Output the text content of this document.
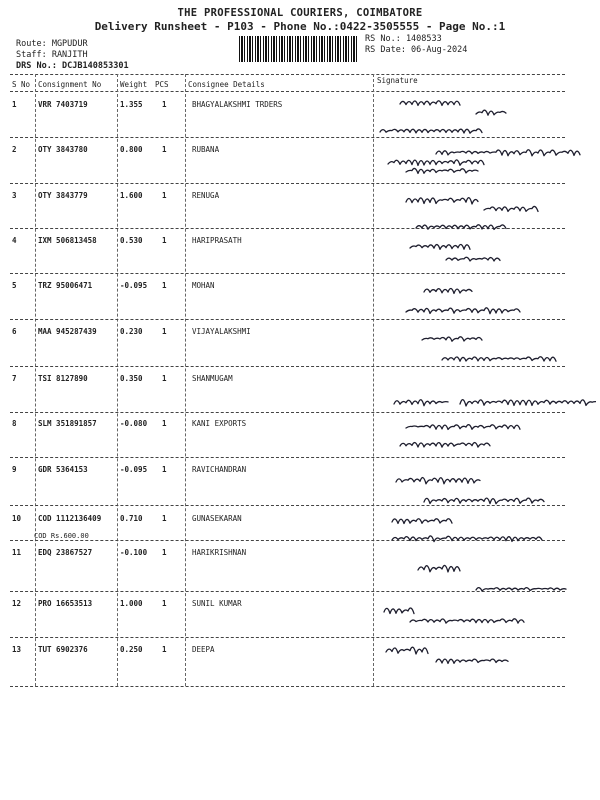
THE PROFESSIONAL COURIERS, COIMBATORE
Delivery Runsheet - P103 - Phone No.:0422-3505555 - Page No.:1
Route: MGPUDUR
Staff: RANJITH
DRS No.: DCJB140853301
RS No.: 1408533
RS Date: 06-Aug-2024
S No Consignment No	Weight PCS	Consignee Details	Signature
1	VRR 7403719	1.355	1	BHAGYALAKSHMI TRDERS
2	OTY 3843780	0.800	1	RUBANA
3	OTY 3843779	1.600	1	RENUGA
4	IXM 506813458	0.530	1	HARIPRASATH
5	TRZ 95006471	-0.095 1	MOHAN
6	MAA 945287439	0.230	1	VIJAYALAKSHMI
7	TSI 8127890	0.350	1	SHANMUGAM
8	SLM 351891857	-0.080 1	KANI EXPORTS
9	GDR 5364153	-0.095 1	RAVICHANDRAN
10 COD 1112136409	0.710	1	GUNASEKARAN
COD Rs.600.00
11 EDQ 23867527	-0.100 1	HARIKRISHNAN
12 PRO 16653513	1.000	1	SUNIL KUMAR
13 TUT 6902376	0.250	1	DEEPA
